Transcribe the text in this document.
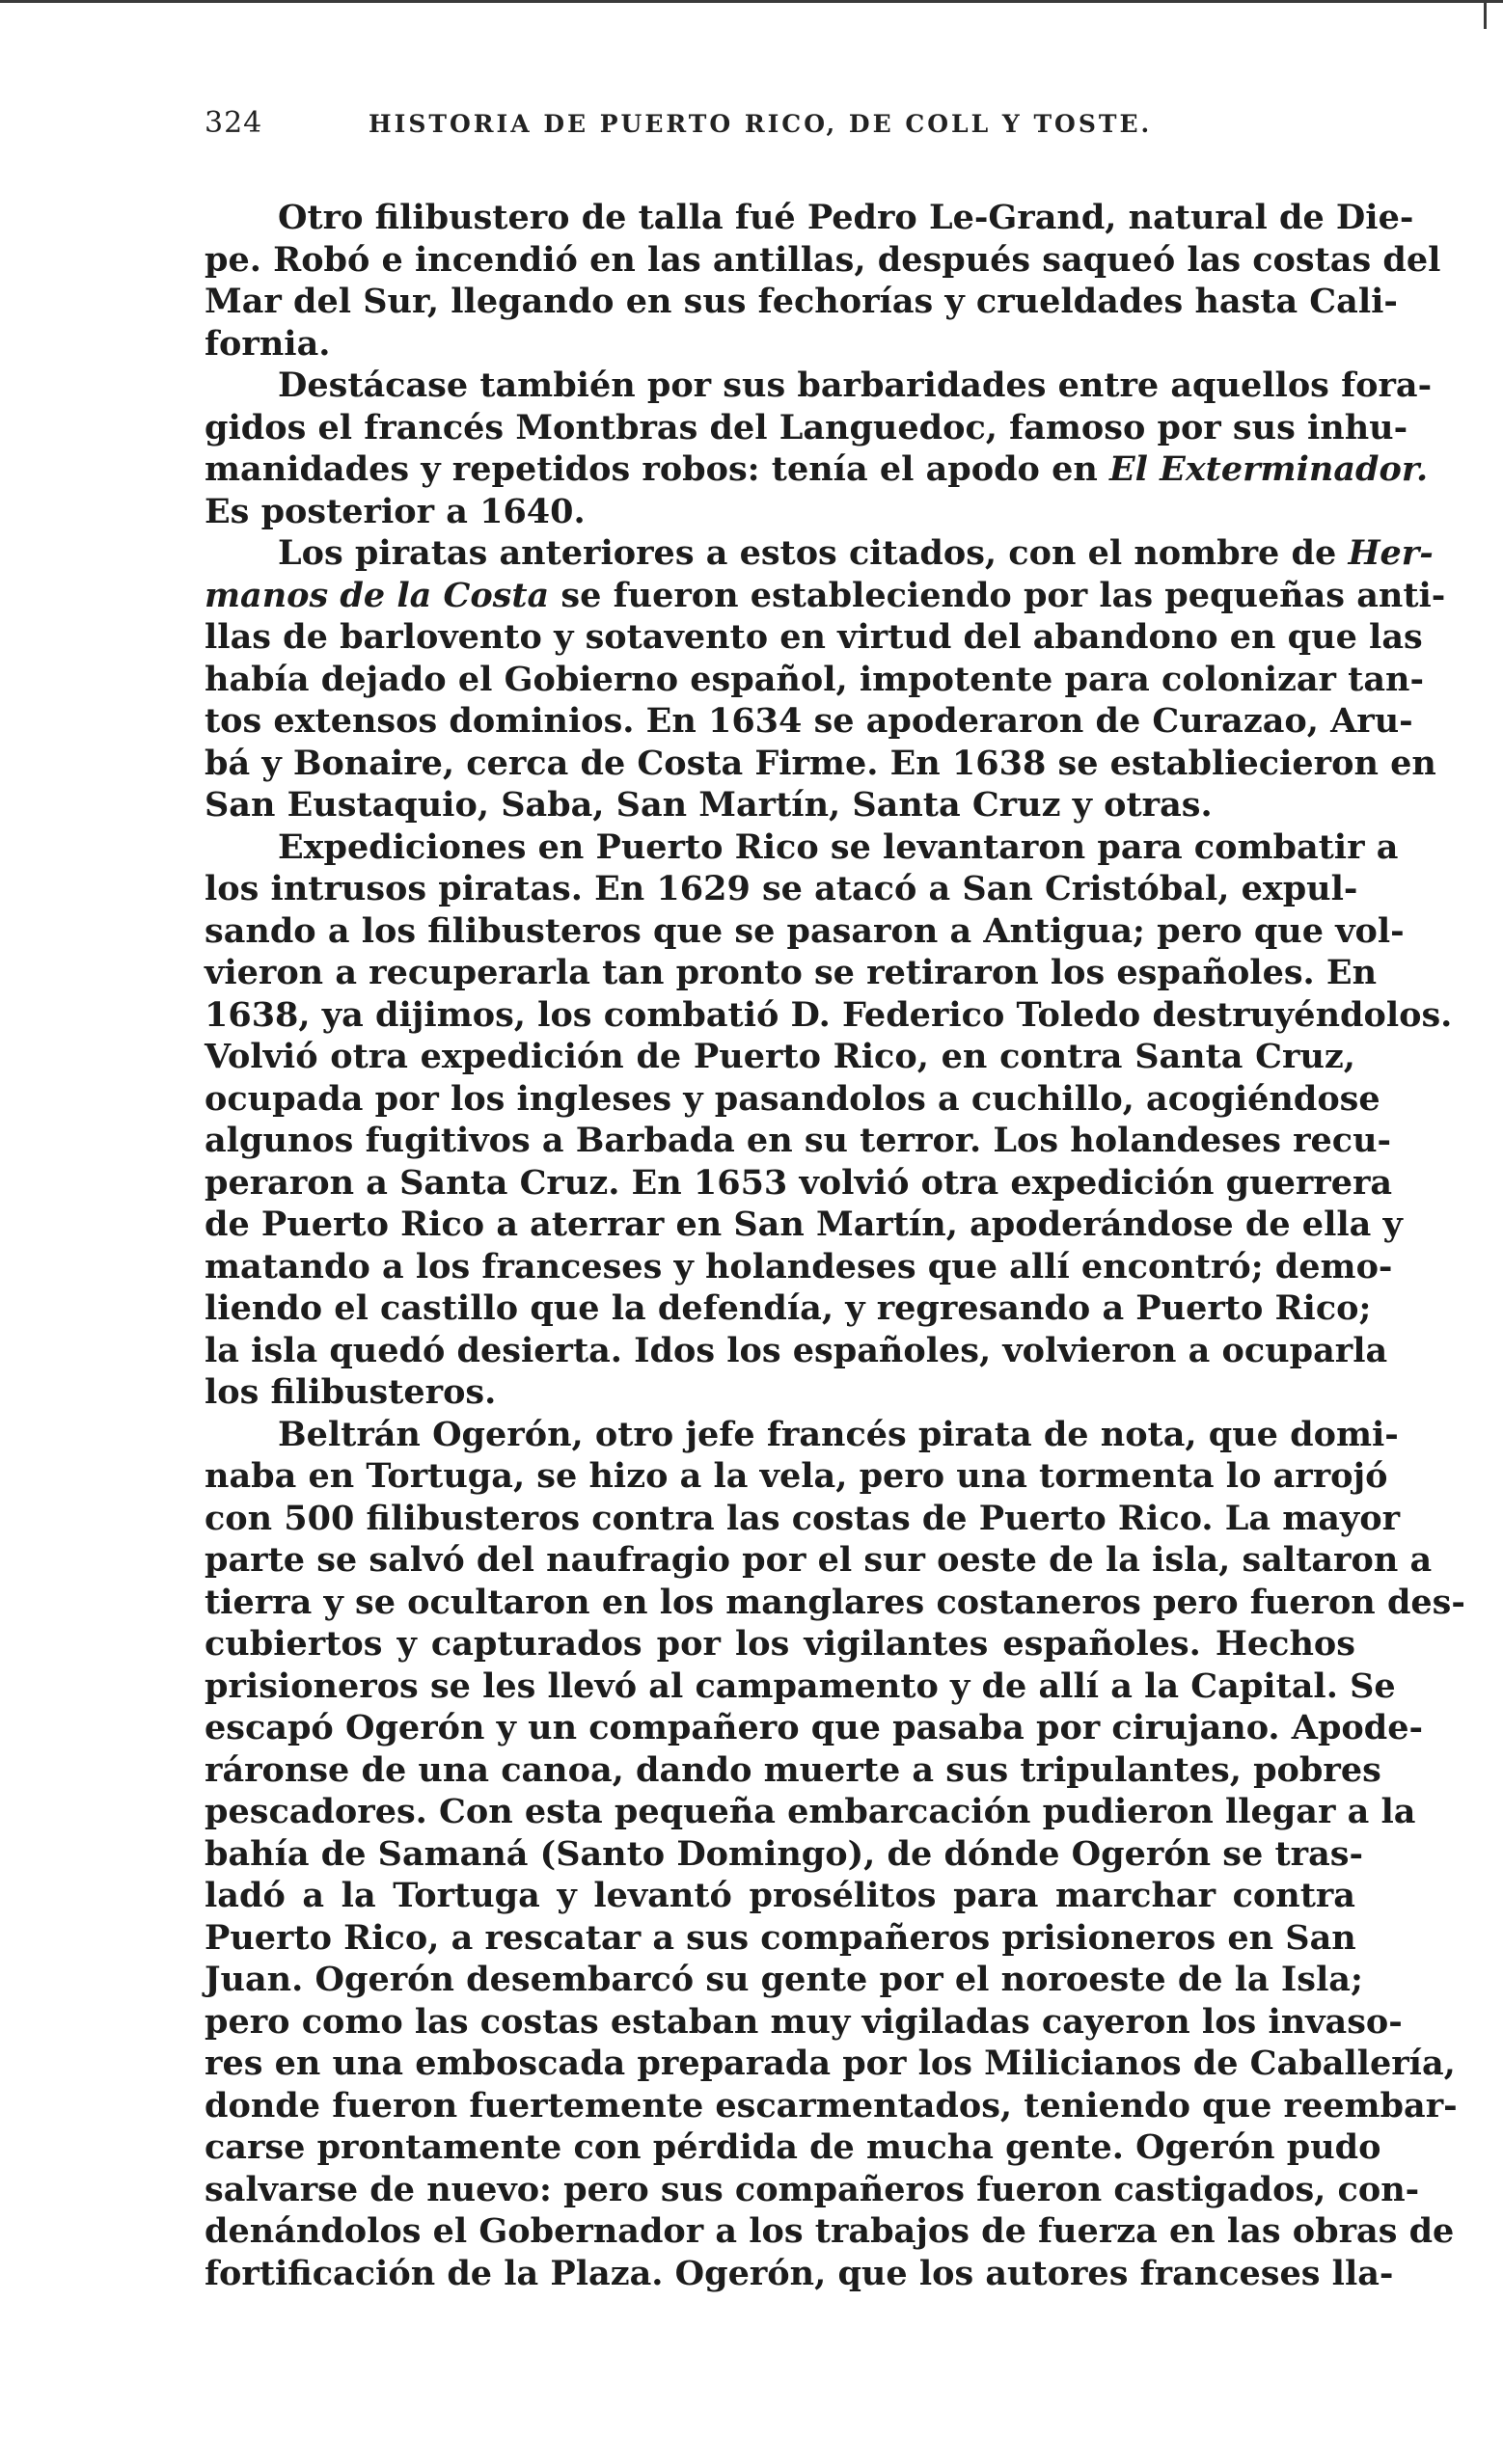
324	HISTORIA DE PUERTO RICO, DE COLL Y TOSTE.

Otro filibustero de talla fué Pedro Le-Grand, natural de Die-
pe. Robó e incendió en las antillas, después saqueó las costas del
Mar del Sur, llegando en sus fechorías y crueldades hasta Cali-
fornia.

Destácase también por sus barbaridades entre aquellos fora-
gidos el francés Montbras del Languedoc, famoso por sus inhu-
manidades y repetidos robos: tenía el apodo en El Exterminador.
Es posterior a 1640.

Los piratas anteriores a estos citados, con el nombre de Her-
manos de la Costa se fueron estableciendo por las pequeñas anti-
llas de barlovento y sotavento en virtud del abandono en que las
había dejado el Gobierno español, impotente para colonizar tan-
tos extensos dominios. En 1634 se apoderaron de Curazao, Aru-
bá y Bonaire, cerca de Costa Firme. En 1638 se establiecieron en
San Eustaquio, Saba, San Martín, Santa Cruz y otras.

Expediciones en Puerto Rico se levantaron para combatir a
los intrusos piratas. En 1629 se atacó a San Cristóbal, expul-
sando a los filibusteros que se pasaron a Antigua; pero que vol-
vieron a recuperarla tan pronto se retiraron los españoles. En
1638, ya dijimos, los combatió D. Federico Toledo destruyéndolos.
Volvió otra expedición de Puerto Rico, en contra Santa Cruz,
ocupada por los ingleses y pasandolos a cuchillo, acogiéndose
algunos fugitivos a Barbada en su terror. Los holandeses recu-
peraron a Santa Cruz. En 1653 volvió otra expedición guerrera
de Puerto Rico a aterrar en San Martín, apoderándose de ella y
matando a los franceses y holandeses que allí encontró; demo-
liendo el castillo que la defendía, y regresando a Puerto Rico;
la isla quedó desierta. Idos los españoles, volvieron a ocuparla
los filibusteros.

Beltrán Ogerón, otro jefe francés pirata de nota, que domi-
naba en Tortuga, se hizo a la vela, pero una tormenta lo arrojó
con 500 filibusteros contra las costas de Puerto Rico. La mayor
parte se salvó del naufragio por el sur oeste de la isla, saltaron a
tierra y se ocultaron en los manglares costaneros pero fueron des-
cubiertos y capturados por los vigilantes españoles. Hechos
prisioneros se les llevó al campamento y de allí a la Capital. Se
escapó Ogerón y un compañero que pasaba por cirujano. Apode-
ráronse de una canoa, dando muerte a sus tripulantes, pobres
pescadores. Con esta pequeña embarcación pudieron llegar a la
bahía de Samaná (Santo Domingo), de dónde Ogerón se tras-
ladó a la Tortuga y levantó prosélitos para marchar contra
Puerto Rico, a rescatar a sus compañeros prisioneros en San
Juan. Ogerón desembarcó su gente por el noroeste de la Isla;
pero como las costas estaban muy vigiladas cayeron los invaso-
res en una emboscada preparada por los Milicianos de Caballería,
donde fueron fuertemente escarmentados, teniendo que reembar-
carse prontamente con pérdida de mucha gente. Ogerón pudo
salvarse de nuevo: pero sus compañeros fueron castigados, con-
denándolos el Gobernador a los trabajos de fuerza en las obras de
fortificación de la Plaza. Ogerón, que los autores franceses lla-
